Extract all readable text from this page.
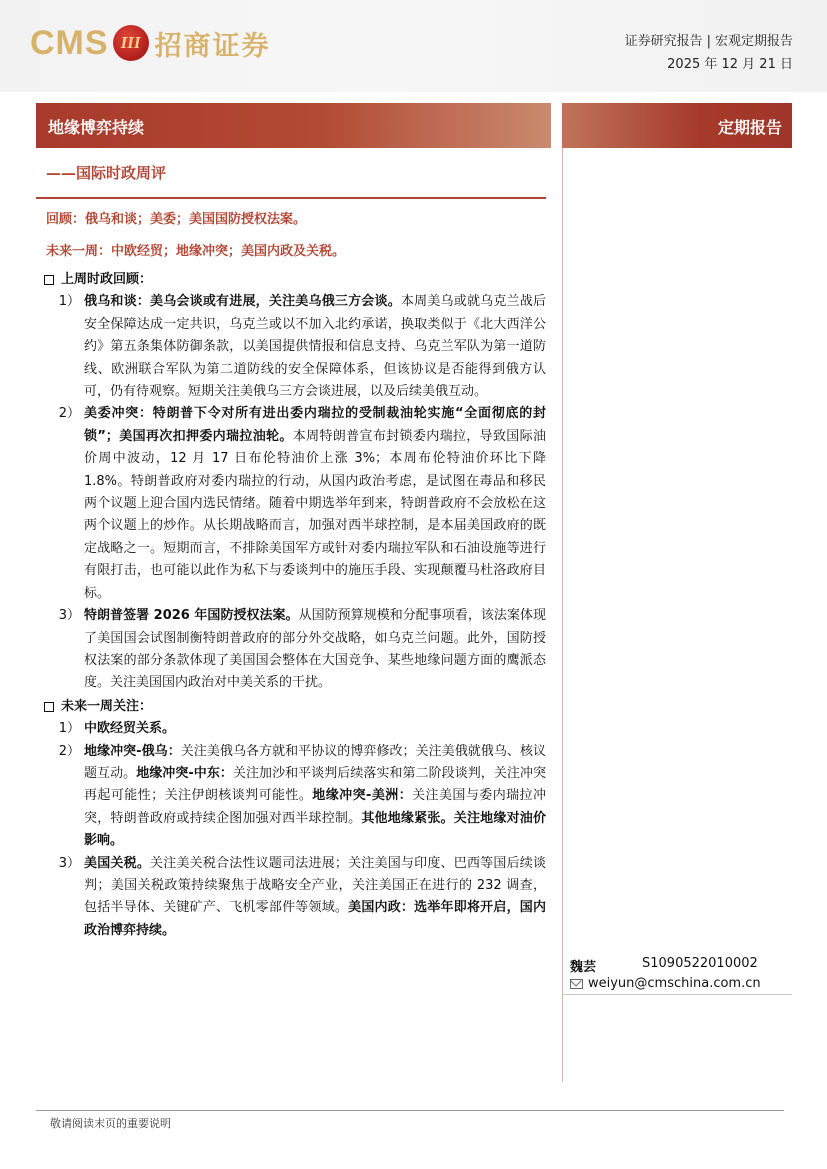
CMS III 招商证券	证券研究报告 | 宏观定期报告
2025 年 12 月 21 日
地缘博弈持续	定期报告
——国际时政周评
回顾：俄乌和谈；美委；美国国防授权法案。
未来一周：中欧经贸；地缘冲突；美国内政及关税。
上周时政回顾：
1） 俄乌和谈：美乌会谈或有进展，关注美乌俄三方会谈。本周美乌或就乌克兰战后安全保障达成一定共识，乌克兰或以不加入北约承诺，换取类似于《北大西洋公约》第五条集体防御条款，以美国提供情报和信息支持、乌克兰军队为第一道防线、欧洲联合军队为第二道防线的安全保障体系，但该协议是否能得到俄方认可，仍有待观察。短期关注美俄乌三方会谈进展，以及后续美俄互动。
2） 美委冲突：特朗普下令对所有进出委内瑞拉的受制裁油轮实施“全面彻底的封锁”；美国再次扣押委内瑞拉油轮。本周特朗普宣布封锁委内瑞拉，导致国际油价周中波动，12 月 17 日布伦特油价上涨 3%；本周布伦特油价环比下降 1.8%。特朗普政府对委内瑞拉的行动，从国内政治考虑，是试图在毒品和移民两个议题上迎合国内选民情绪。随着中期选举年到来，特朗普政府不会放松在这两个议题上的炒作。从长期战略而言，加强对西半球控制，是本届美国政府的既定战略之一。短期而言，不排除美国军方或针对委内瑞拉军队和石油设施等进行有限打击，也可能以此作为私下与委谈判中的施压手段、实现颠覆马杜洛政府目标。
3） 特朗普签署 2026 年国防授权法案。从国防预算规模和分配事项看，该法案体现了美国国会试图制衡特朗普政府的部分外交战略，如乌克兰问题。此外，国防授权法案的部分条款体现了美国国会整体在大国竞争、某些地缘问题方面的鹰派态度。关注美国国内政治对中美关系的干扰。
未来一周关注：
1） 中欧经贸关系。
2） 地缘冲突-俄乌：关注美俄乌各方就和平协议的博弈修改；关注美俄就俄乌、核议题互动。地缘冲突-中东：关注加沙和平谈判后续落实和第二阶段谈判，关注冲突再起可能性；关注伊朗核谈判可能性。地缘冲突-美洲：关注美国与委内瑞拉冲突，特朗普政府或持续企图加强对西半球控制。其他地缘紧张。关注地缘对油价影响。
3） 美国关税。关注美关税合法性议题司法进展；关注美国与印度、巴西等国后续谈判；美国关税政策持续聚焦于战略安全产业，关注美国正在进行的 232 调查，包括半导体、关键矿产、飞机零部件等领域。美国内政：选举年即将开启，国内政治博弈持续。
魏芸	S1090522010002
weiyun@cmschina.com.cn
敬请阅读末页的重要说明
